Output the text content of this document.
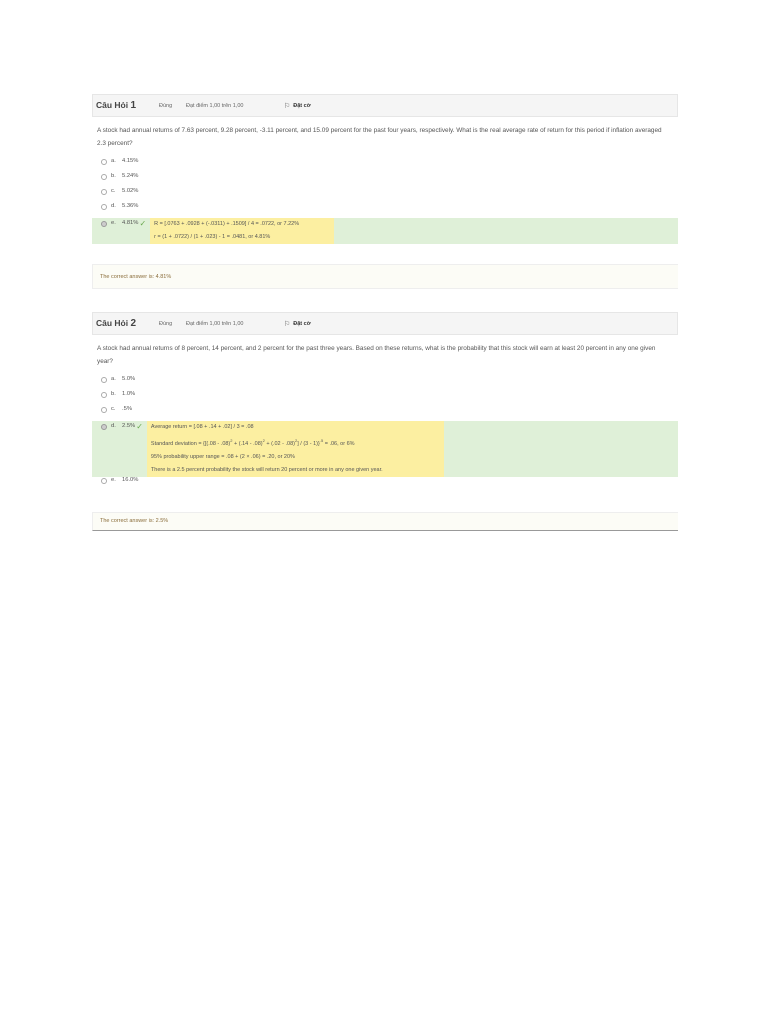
Câu Hỏi 1	Đúng	Đạt điểm 1,00 trên 1,00	⚐ Đặt cờ
A stock had annual returns of 7.63 percent, 9.28 percent, -3.11 percent, and 15.09 percent for the past four years, respectively. What is the real average rate of return for this period if inflation averaged 2.3 percent?
a.	4.15%
b.	5.24%
c.	5.02%
d.	5.36%
e.	4.81% ✓ R = [.0763 + .0928 + (-.0311) + .1509] / 4 = .0722, or 7.22%
r = (1 + .0722) / (1 + .023) - 1 = .0481, or 4.81%
The correct answer is: 4.81%
Câu Hỏi 2	Đúng	Đạt điểm 1,00 trên 1,00	⚐ Đặt cờ
A stock had annual returns of 8 percent, 14 percent, and 2 percent for the past three years. Based on these returns, what is the probability that this stock will earn at least 20 percent in any one given year?
a.	5.0%
b.	1.0%
c.	.5%
d.	2.5% ✓ Average return = [.08 + .14 + .02] / 3 = .08
Standard deviation = $\{[(.08 - .08)^2 + (.14 - .08)^2 + (.02 - .08)^2] / (3 - 1)\}^{.5} = .06$, or 6%
95% probability upper range = .08 + (2 × .06) = .20, or 20%
There is a 2.5 percent probability the stock will return 20 percent or more in any one given year.
e.	16.0%
The correct answer is: 2.5%
